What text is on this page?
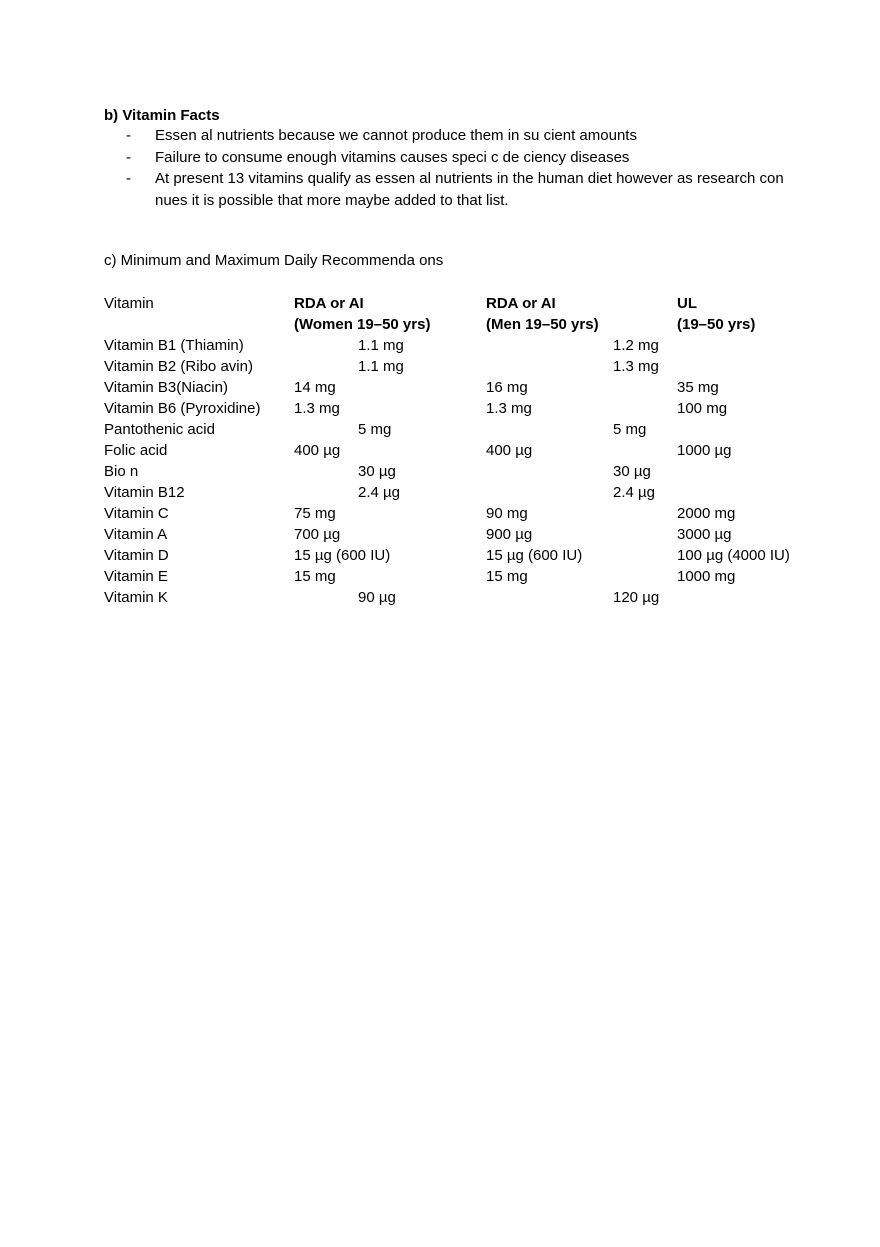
b) Vitamin Facts
- Essen al nutrients because we cannot produce them in su cient amounts
- Failure to consume enough vitamins causes speci c de ciency diseases
- At present 13 vitamins qualify as essen al nutrients in the human diet however as research con nues it is possible that more maybe added to that list.
c) Minimum and Maximum Daily Recommenda ons
Vitamin	RDA or AI	RDA or AI	UL
	(Women 19–50 yrs)	(Men 19–50 yrs)	(19–50 yrs)
Vitamin B1 (Thiamin)	1.1 mg	1.2 mg	
Vitamin B2 (Ribo avin)	1.1 mg	1.3 mg	
Vitamin B3(Niacin)	14 mg	16 mg	35 mg
Vitamin B6 (Pyroxidine)	1.3 mg	1.3 mg	100 mg
Pantothenic acid	5 mg	5 mg	
Folic acid	400 µg	400 µg	1000 µg
Bio n	30 µg	30 µg	
Vitamin B12	2.4 µg	2.4 µg	
Vitamin C	75 mg	90 mg	2000 mg
Vitamin A	700 µg	900 µg	3000 µg
Vitamin D	15 µg (600 IU)	15 µg (600 IU)	100 µg (4000 IU)
Vitamin E	15 mg	15 mg	1000 mg
Vitamin K	90 µg	120 µg	
